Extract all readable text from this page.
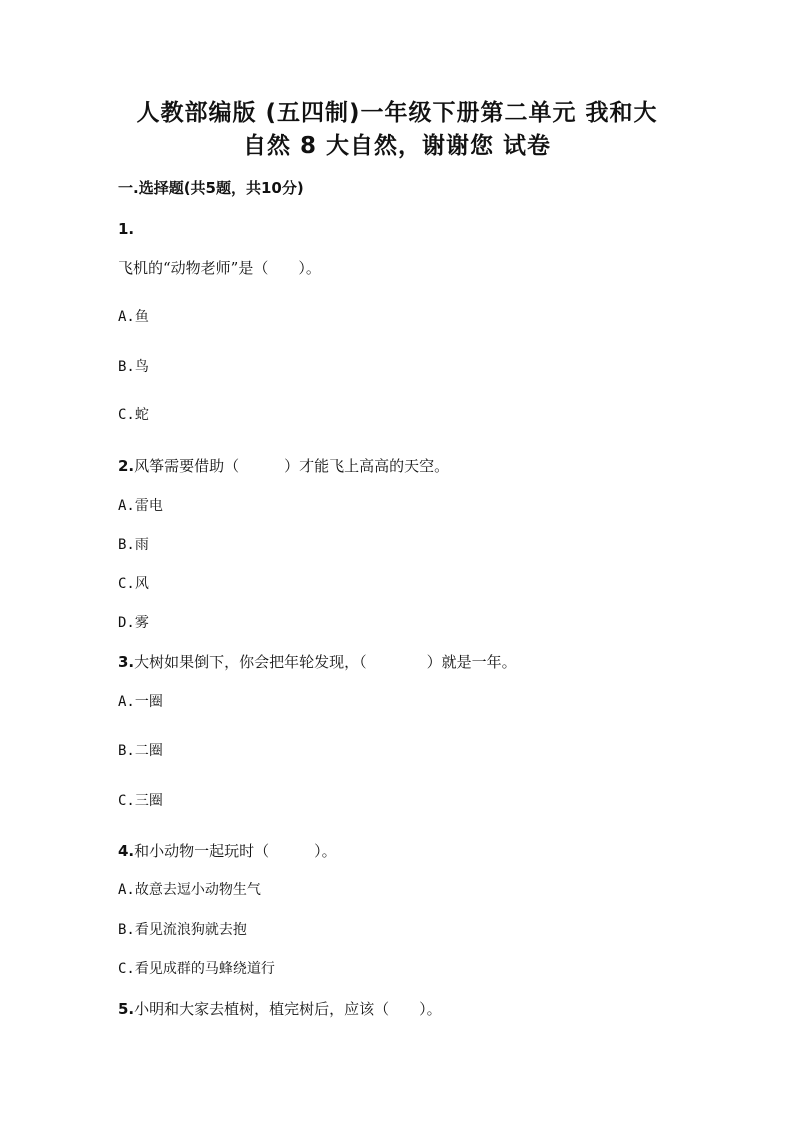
人教部编版 (五四制)一年级下册第二单元 我和大
自然 8 大自然，谢谢您 试卷
一.选择题(共5题，共10分)
1.
飞机的“动物老师”是（　　）。
A.鱼
B.鸟
C.蛇
2.风筝需要借助（　　　）才能飞上高高的天空。
A.雷电
B.雨
C.风
D.雾
3.大树如果倒下，你会把年轮发现，（　　　　）就是一年。
A.一圈
B.二圈
C.三圈
4.和小动物一起玩时（　　　）。
A.故意去逗小动物生气
B.看见流浪狗就去抱
C.看见成群的马蜂绕道行
5.小明和大家去植树，植完树后，应该（　　）。
